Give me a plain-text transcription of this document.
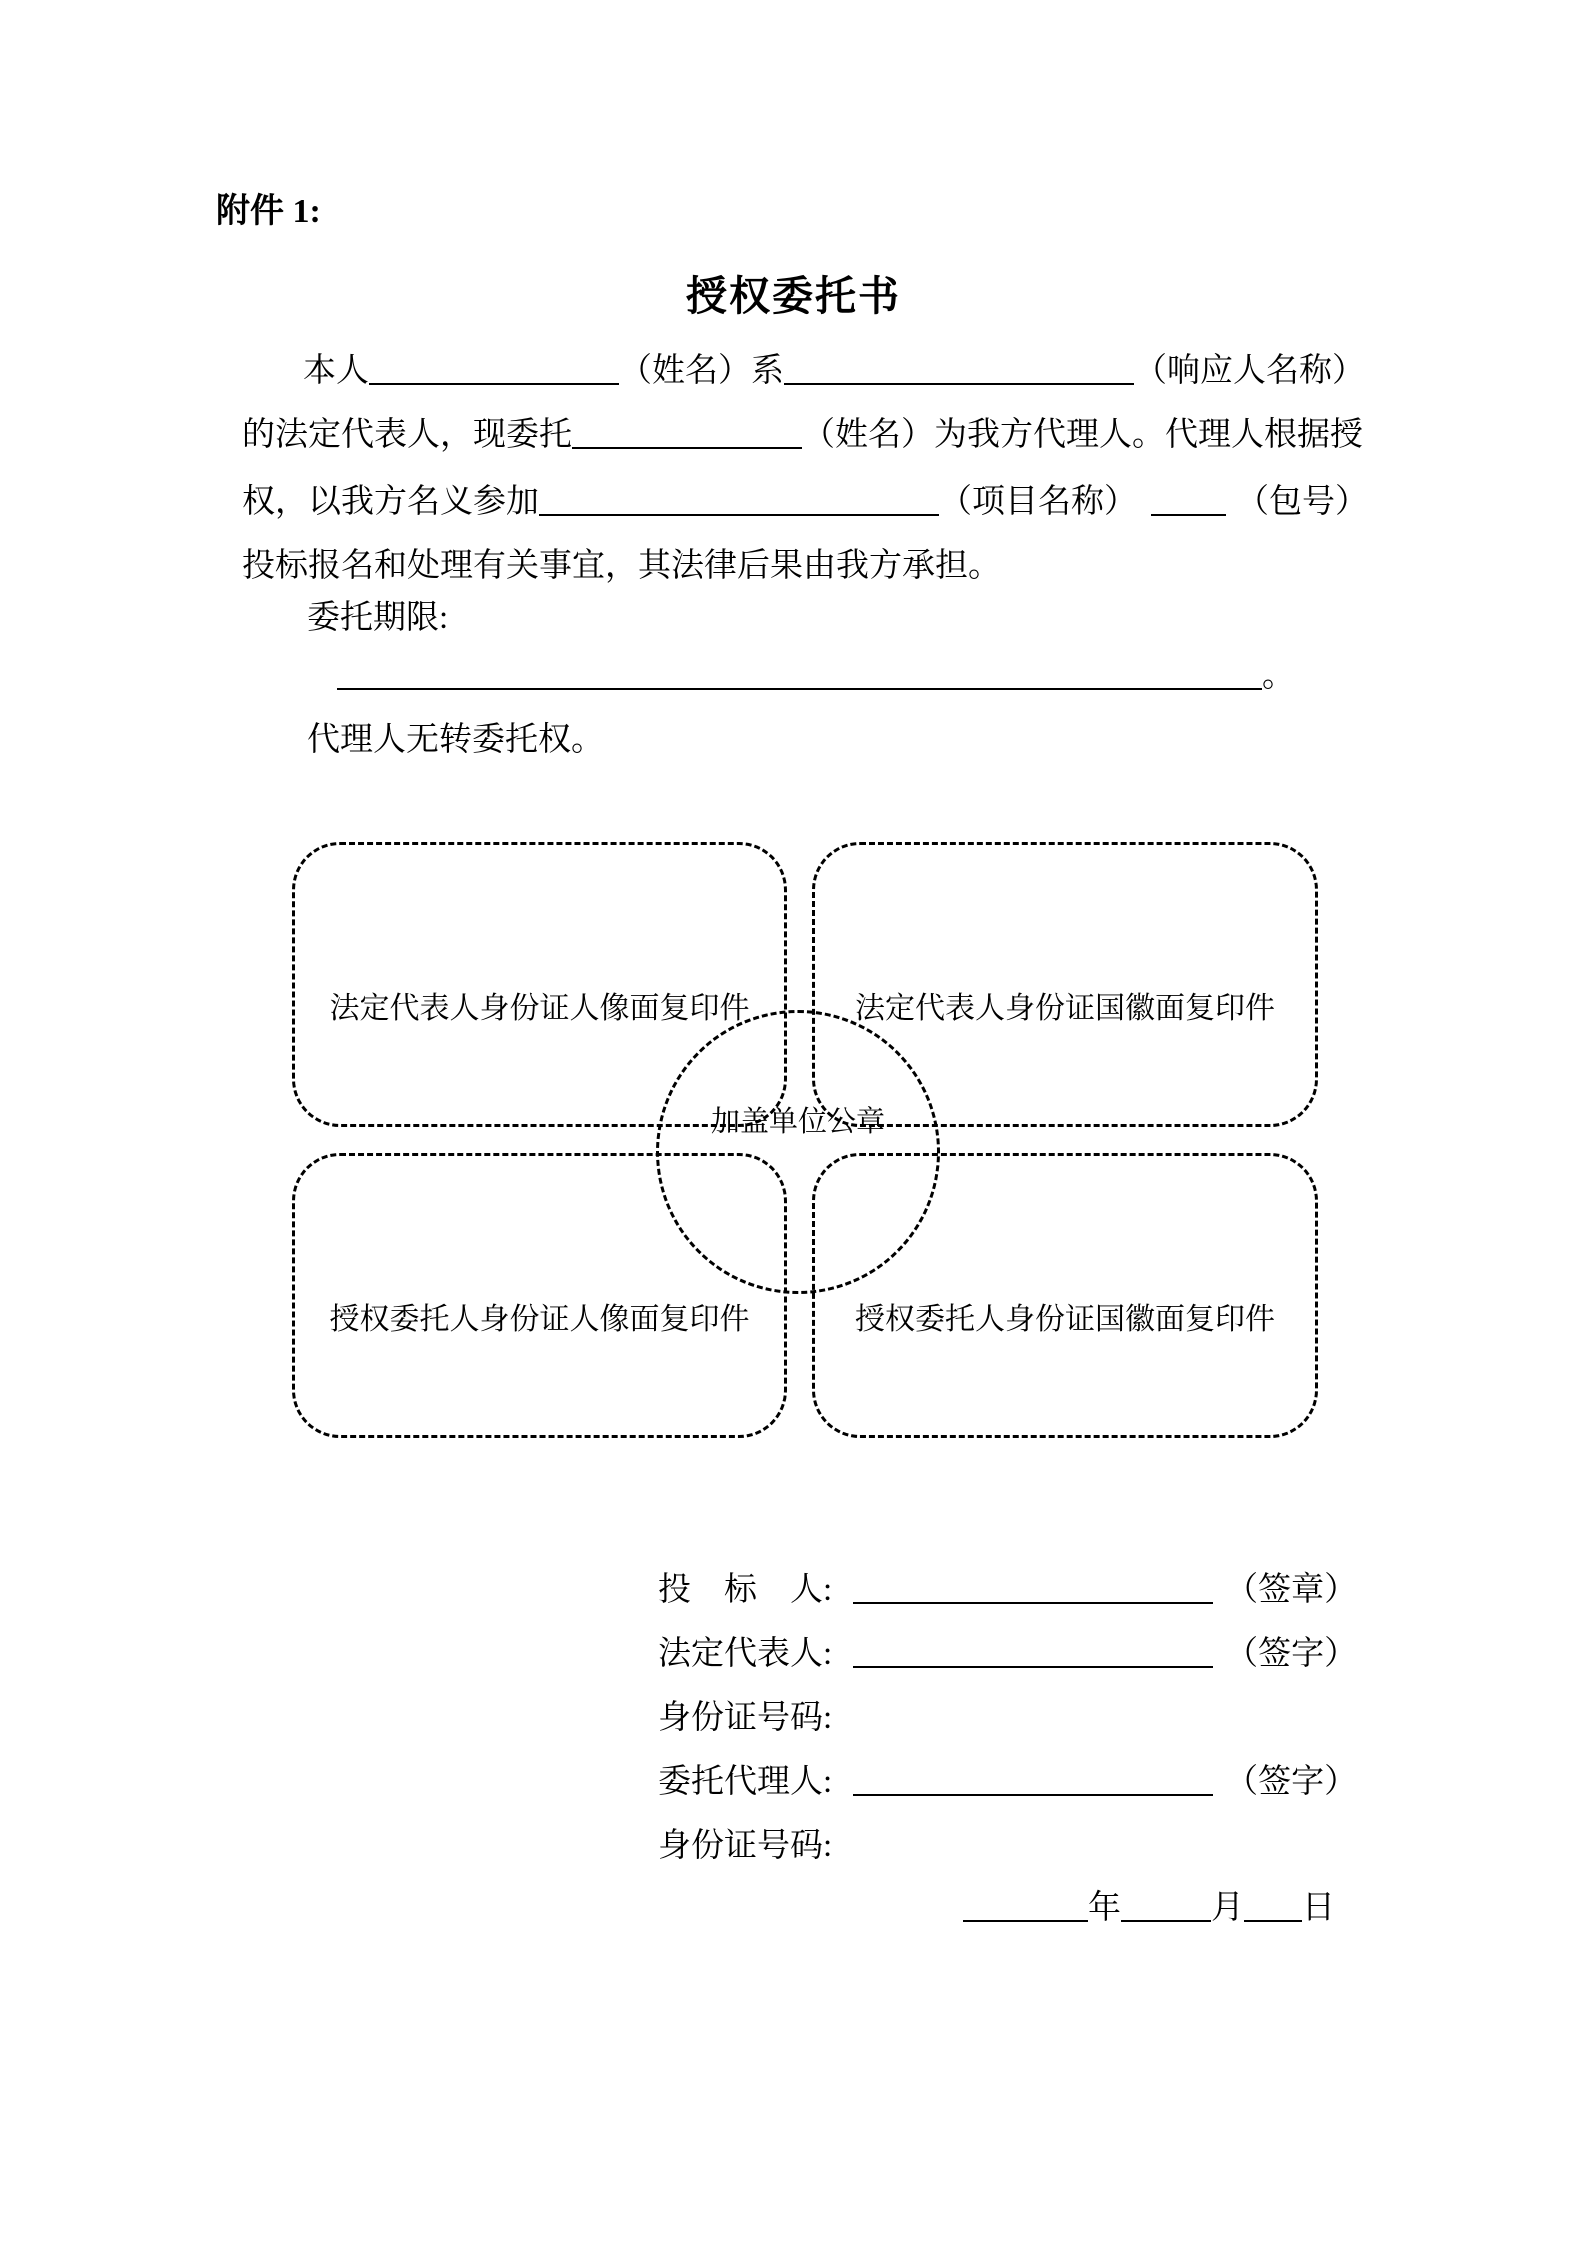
附件 1:
授权委托书
本人	（姓名）系	（响应人名称）
的法定代表人，现委托	（姓名）为我方代理人。代理人根据授
权，以我方名义参加	（项目名称）	（包号）
投标报名和处理有关事宜，其法律后果由我方承担。
委托期限:
。
代理人无转委托权。
法定代表人身份证人像面复印件	法定代表人身份证国徽面复印件
授权委托人身份证人像面复印件	授权委托人身份证国徽面复印件
加盖单位公章
投　标　人:	（签章）
法定代表人:	（签字）
身份证号码:
委托代理人:	（签字）
身份证号码:
年	月 日
